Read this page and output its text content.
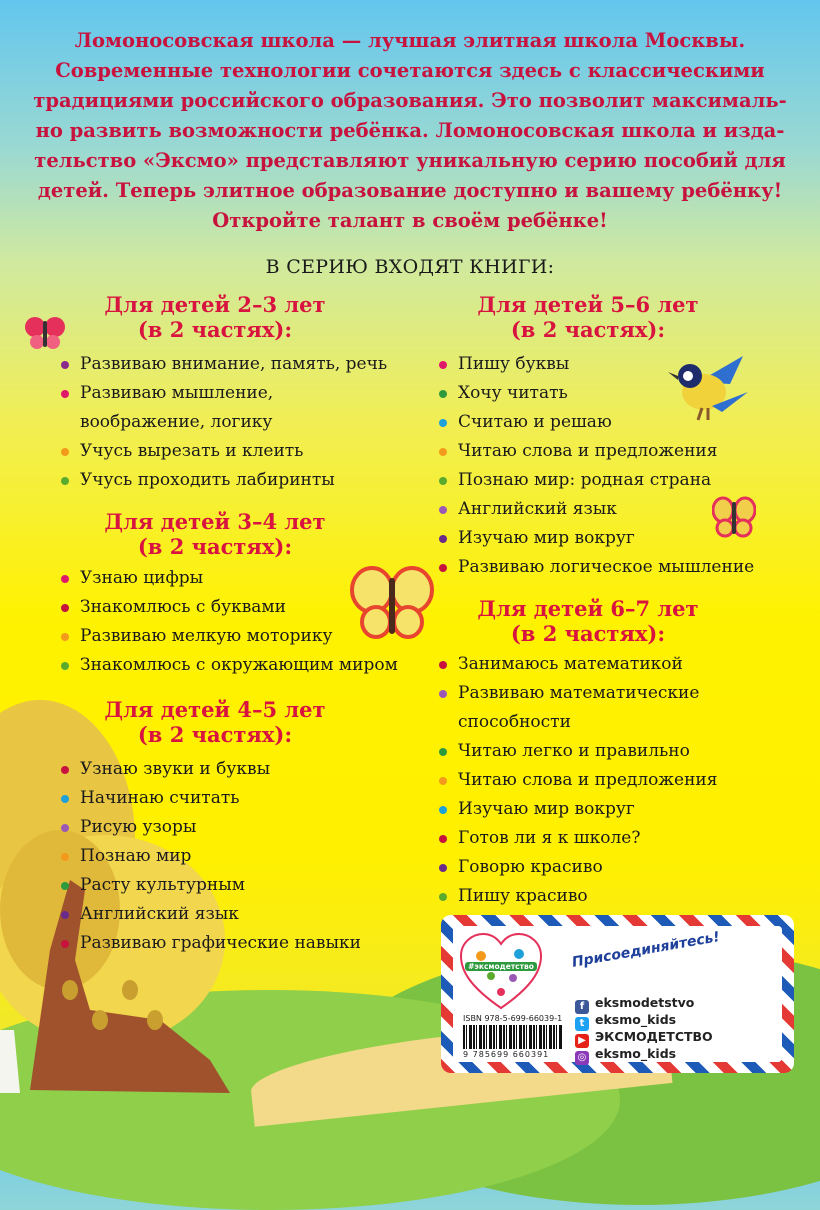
Ломоносовская школа — лучшая элитная школа Москвы.
Современные технологии сочетаются здесь с классическими
традициями российского образования. Это позволит максималь-
но развить возможности ребёнка. Ломоносовская школа и изда-
тельство «Эксмо» представляют уникальную серию пособий для
детей. Теперь элитное образование доступно и вашему ребёнку!
Откройте талант в своём ребёнке!
В СЕРИЮ ВХОДЯТ КНИГИ:
Для детей 2–3 лет
(в 2 частях):
Развиваю внимание, память, речь
Развиваю мышление, воображение, логику
Учусь вырезать и клеить
Учусь проходить лабиринты
Для детей 3–4 лет
(в 2 частях):
Узнаю цифры
Знакомлюсь с буквами
Развиваю мелкую моторику
Знакомлюсь с окружающим миром
Для детей 4–5 лет
(в 2 частях):
Узнаю звуки и буквы
Начинаю считать
Рисую узоры
Познаю мир
Расту культурным
Английский язык
Развиваю графические навыки
Для детей 5–6 лет
(в 2 частях):
Пишу буквы
Хочу читать
Считаю и решаю
Читаю слова и предложения
Познаю мир: родная страна
Английский язык
Изучаю мир вокруг
Развиваю логическое мышление
Для детей 6–7 лет
(в 2 частях):
Занимаюсь математикой
Развиваю математические способности
Читаю легко и правильно
Читаю слова и предложения
Изучаю мир вокруг
Готов ли я к школе?
Говорю красиво
Пишу красиво
#эксмодетство	Присоединяйтесь!
f eksmodetstvo
t eksmo_kids
▶ ЭКСМОДЕТСТВО
◎ eksmo_kids
ISBN 978-5-699-66039-1
9 785699 660391
